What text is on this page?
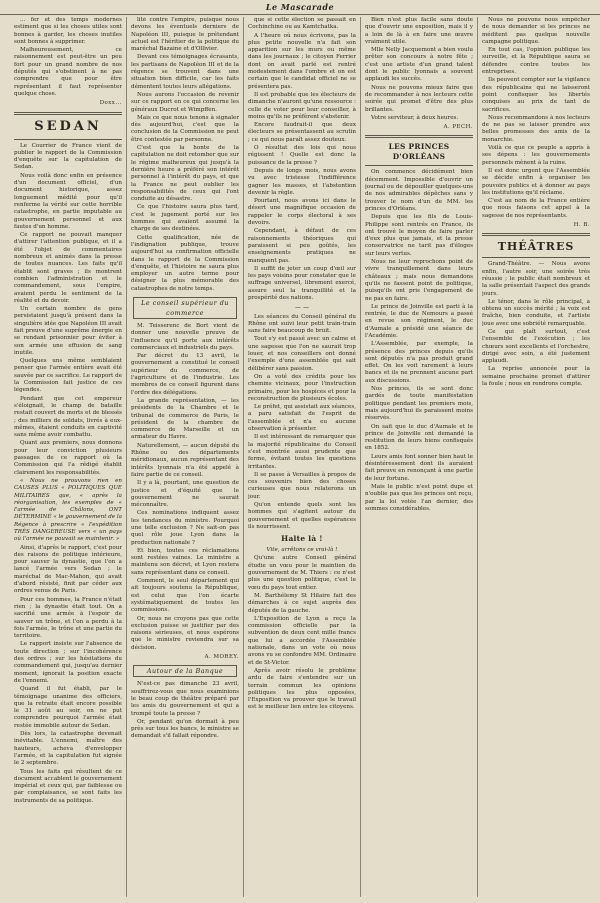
Le Mascarade

... fer et des temps modernes estiment que si les choses utiles sont bonnes à garder, les choses inutiles sont bonnes à supprimer.

Malheureusement, ce raisonnement est peut-être un peu fort pour un grand nombre de nos députés qui s'obstinent à ne pas comprendre que pour être représentant il faut représenter quelque chose.

Doxx...
SEDAN

Le Courrier de France vient de publier le rapport de la Commission d'enquête sur la capitulation de Sedan.

Nous voilà donc enfin en présence d'un document officiel, d'un document historique, assez longuement médité pour qu'il renferme la vérité sur cette horrible catastrophe, en partie imputable au gouvernement personnel et aux fautes d'un homme.

Ce rapport ne pouvait manquer d'attirer l'attention publique, et il a été l'objet de commentaires nombreux et animés dans la presse de toutes nuances. Les faits qu'il établit sont graves ; ils montrent combien l'administration et le commandement, sous l'empire, avaient perdu le sentiment de la réalité et du devoir.

Un certain nombre de gens persistaient jusqu'à présent dans la singulière idée que Napoléon III avait fait preuve d'une suprême énergie en se rendant prisonnier pour éviter à son armée une effusion de sang inutile.

Quelques uns même semblaient penser que l'armée entière avait été sauvée par ce sacrifice. Le rapport de la Commission fait justice de ces légendes.

Pendant que cet empereur s'éloignait, le champ de bataille restait couvert de morts et de blessés ; des milliers de soldats, livrés à eux-mêmes, étaient conduits en captivité sans même avoir combattu.

Quant aux premiers, nous donnons pour leur conviction plusieurs passages de ce rapport où la Commission qui l'a rédigé établit clairement les responsabilités.

« Nous ne prouvons rien en CAUSES PLUS « POLITIQUES QUE MILITAIRES que, « après la réorganisation, les exemples de « l'armée de Châlons, ONT DÉTERMINÉ « le gouvernement de la Régence à prescrire « l'expédition TRÈS DANGEREUSE vers « un pays où l'armée ne pouvait se maintenir. »

Ainsi, d'après le rapport, c'est pour des raisons de politique intérieure, pour sauver la dynastie, que l'on a lancé l'armée vers Sedan ; le maréchal de Mac-Mahon, qui avait d'abord résisté, finit par céder aux ordres venus de Paris.

Pour ces hommes, la France n'était rien ; la dynastie était tout. On a sacrifié une armée à l'espoir de sauver un trône, et l'on a perdu à la fois l'armée, le trône et une partie du territoire.

Le rapport insiste sur l'absence de toute direction ; sur l'incohérence des ordres ; sur les hésitations du commandement qui, jusqu'au dernier moment, ignorait la position exacte de l'ennemi.

Quand il fut établi, par le témoignage unanime des officiers, que la retraite était encore possible le 31 août au soir, on ne put comprendre pourquoi l'armée était restée immobile autour de Sedan.

Dès lors, la catastrophe devenait inévitable. L'ennemi, maître des hauteurs, acheva d'envelopper l'armée, et la capitulation fut signée le 2 septembre.

Tous les faits qui résultent de ce document accablent le gouvernement impérial et ceux qui, par faiblesse ou par complaisance, se sont faits les instruments de sa politique.

lité contre l'empire, puisque nous devons les éventuels derniers de Napoléon III, puisque le prétendant actuel est l'héritier de la politique du maréchal Bazaine et d'Ollivier.

Devant ces témoignages écrasants, les partisans de Napoléon III et de la régence se trouvent dans une situation bien difficile, car les faits démentent toutes leurs allégations.

Nous aurons l'occasion de revenir sur ce rapport en ce qui concerne les généraux Ducrot et Wimpffen.

Mais ce que nous tenons à signaler dès aujourd'hui, c'est que la conclusion de la Commission ne peut être contestée par personne.

C'est que la honte de la capitulation ne doit retomber que sur le régime malheureux qui jusqu'à la dernière heure a préféré son intérêt personnel à l'intérêt du pays, et que la France ne peut oublier les responsabilités de ceux qui l'ont conduite au désastre.

Ce que l'histoire saura plus tard, c'est le jugement porté sur les hommes qui avaient assumé la charge de ses destinées.

Cette qualification, née de l'indignation publique, trouve aujourd'hui sa confirmation officielle dans le rapport de la Commission d'enquête, et l'histoire ne saura plus employer un autre terme pour désigner la plus mémorable des catastrophes de notre temps.

Le conseil supérieur du commerce

M. Teisserenc de Bort vient de donner une nouvelle preuve de l'influence qu'il porte aux intérêts commerciaux et industriels du pays.

Par décret du 13 avril, le gouvernement a constitué le conseil supérieur du commerce, de l'agriculture et de l'industrie. Les membres de ce conseil figurent dans l'ordre des délégations.

La grande représentation, — les présidents de la Chambre et le tribunal de commerce de Paris, le président de la chambre de commerce de Marseille et un armateur du Havre.

Naturellement, — aucun député du Rhône ou des départements méridionaux, aucun représentant des intérêts lyonnais n'a été appelé à faire partie de ce conseil.

Il y a là, pourtant, une question de justice et d'équité que le gouvernement ne saurait méconnaître.

Ces nominations indiquent assez les tendances du ministre. Pourquoi une telle exclusion ? Ne sait-on pas quel rôle joue Lyon dans la production nationale ?

Et bien, toutes ces réclamations sont restées vaines. Le ministre a maintenu son décret, et Lyon restera sans représentant dans ce conseil.

Comment, le seul département qui ait toujours soutenu la République, est celui que l'on écarte systématiquement de toutes les commissions.

Or, nous ne croyons pas que cette exclusion puisse se justifier par des raisons sérieuses, et nous espérons que le ministre reviendra sur sa décision.

A. MOREY.
Autour de la Banque

N'est-ce pas dimanche 23 avril, souffrirez-vous que nous examinions le beau coup de théâtre préparé par les amis du gouvernement et qui a trompé toute la presse ?

Or, pendant qu'on dormait à peu près sur tous les bancs, le ministre se demandait s'il fallait répondre.

que si cette élection se passait en Cochinchine ou au Kamtchatka.

A l'heure où nous écrivons, pas la plus petite nouvelle n'a fait son apparition sur les murs ou même dans les journaux ; le citoyen Ferrier dont on avait parlé est rentré modestement dans l'ombre et on est certain que le candidat officiel ne se présentera pas.

Il est probable que les électeurs de dimanche n'auront qu'une ressource : celle de voter pour leur conseiller, à moins qu'ils ne préfèrent s'abstenir.

Encore faudrait-il que deux électeurs se présentassent au scrutin ; ce qui nous paraît assez douteux.

O résultat des lois qui nous régissent ! Quelle est donc la puissance de la presse ?

Depuis de longs mois, nous avons vu avec tristesse l'indifférence gagner les masses, et l'abstention devenir la règle.

Pourtant, nous avons ici dans le désert une magnifique occasion de rappeler le corps électoral à ses devoirs.

Cependant, à défaut de ces raisonnements théoriques qui paraissent si peu goûtés, les enseignements pratiques ne manquent pas.

Il suffit de jeter un coup d'œil sur les pays voisins pour constater que le suffrage universel, librement exercé, assure seul la tranquillité et la prospérité des nations.

— —

Les séances du Conseil général du Rhône ont suivi leur petit train-train sans faire beaucoup de bruit.

Tout s'y est passé avec un calme et une sagesse que l'on ne saurait trop louer, et nos conseillers ont donné l'exemple d'une assemblée qui sait délibérer sans passion.

On a voté des crédits pour les chemins vicinaux, pour l'instruction primaire, pour les hospices et pour la reconstruction de plusieurs écoles.

Le préfet, qui assistait aux séances, a paru satisfait de l'esprit de l'assemblée et n'a eu aucune observation à présenter.

Il est intéressant de remarquer que la majorité républicaine du Conseil s'est montrée aussi prudente que ferme, évitant toutes les questions irritantes.

Il se passe à Versailles à propos de ces souvenirs bien des choses curieuses que nous relaterons un jour.

Qu'on entende quels sont les hommes qui s'agitent autour du gouvernement et quelles espérances ils nourrissent.

Halte là !

Vite, arrêtons ce vrai-là !

Qu'une autre Conseil général étudie un vœu pour le maintien du gouvernement de M. Thiers : ce n'est plus une question politique, c'est le vœu du pays tout entier.

M. Barthélemy St Hilaire fait des démarches à ce sujet auprès des députés de la gauche.

L'Exposition de Lyon a reçu la commission officielle par la subvention de deux cent mille francs que lui a accordée l'Assemblée nationale, dans un vote où nous avons vu se confondre MM. Ordinaire et de St-Victor.

Après avoir résolu le problème ardu de faire s'entendre sur un terrain commun les opinions politiques les plus opposées, l'Exposition va prouver que le travail est le meilleur lien entre les citoyens.

Bien n'est plus facile sans doute que d'ouvrir une exposition, mais il y a loin de là à en faire une œuvre vraiment utile.

Mlle Nelly Jacquemont a bien voulu prêter son concours à notre fête ; c'est une artiste d'un grand talent dont le public lyonnais a souvent applaudi les succès.

Nous ne pouvons mieux faire que de recommander à nos lecteurs cette soirée qui promet d'être des plus brillantes.

Votre serviteur, à deux heures.

A. PECH.
LES PRINCES D'ORLÉANS

On commence décidément bien décemment. Impossible d'ouvrir un journal ou de dépouiller quelques-uns de nos admirables dépêches sans y trouver le nom d'un de MM. les princes d'Orléans.

Depuis que les fils de Louis-Philippe sont rentrés en France, ils ont trouvé le moyen de faire parler d'eux plus que jamais, et la presse conservatrice ne tarit pas d'éloges sur leurs vertus.

Nous ne leur reprochons point de vivre tranquillement dans leurs châteaux ; mais nous demandons qu'ils ne fassent point de politique, puisqu'ils ont pris l'engagement de ne pas en faire.

Le prince de Joinville est parti à la rentrée, le duc de Nemours a passé en revue son régiment, le duc d'Aumale a présidé une séance de l'Académie.

L'Assemblée, par exemple, la présence des princes depuis qu'ils sont députés n'a pas produit grand effet. On les voit rarement à leurs bancs et ils ne prennent aucune part aux discussions.

Nos princes, ils se sont donc gardés de toute manifestation politique pendant les premiers mois, mais aujourd'hui ils paraissent moins réservés.

On sait que le duc d'Aumale et le prince de Joinville ont demandé la restitution de leurs biens confisqués en 1852.

Leurs amis font sonner bien haut le désintéressement dont ils auraient fait preuve en renonçant à une partie de leur fortune.

Mais le public n'est point dupe et n'oublie pas que les princes ont reçu, par la loi votée l'an dernier, des sommes considérables.

Nous ne pouvons nous empêcher de nous demander si les princes ne méditent pas quelque nouvelle campagne politique.

En tout cas, l'opinion publique les surveille, et la République saura se défendre contre toutes les entreprises.

Ils peuvent compter sur la vigilance des républicains qui ne laisseront point confisquer les libertés conquises au prix de tant de sacrifices.

Nous recommandons à nos lecteurs de ne pas se laisser prendre aux belles promesses des amis de la monarchie.

Voilà ce que ce peuple a appris à ses dépens : les gouvernements personnels mènent à la ruine.

Il est donc urgent que l'Assemblée se décide enfin à organiser les pouvoirs publics et à donner au pays les institutions qu'il réclame.

C'est au nom de la France entière que nous faisons cet appel à la sagesse de nos représentants.

H. B.
THÉÂTRES

Grand-Théâtre. — Nous avons enfin, l'autre soir, une soirée très réussie ; le public était nombreux et la salle présentait l'aspect des grands jours.

Le ténor, dans le rôle principal, a obtenu un succès mérité ; la voix est fraîche, bien conduite, et l'artiste joue avec une sobriété remarquable.

Ce qui plaît surtout, c'est l'ensemble de l'exécution ; les chœurs sont excellents et l'orchestre, dirigé avec soin, a été justement applaudi.

La reprise annoncée pour la semaine prochaine promet d'attirer la foule ; nous en rendrons compte.
